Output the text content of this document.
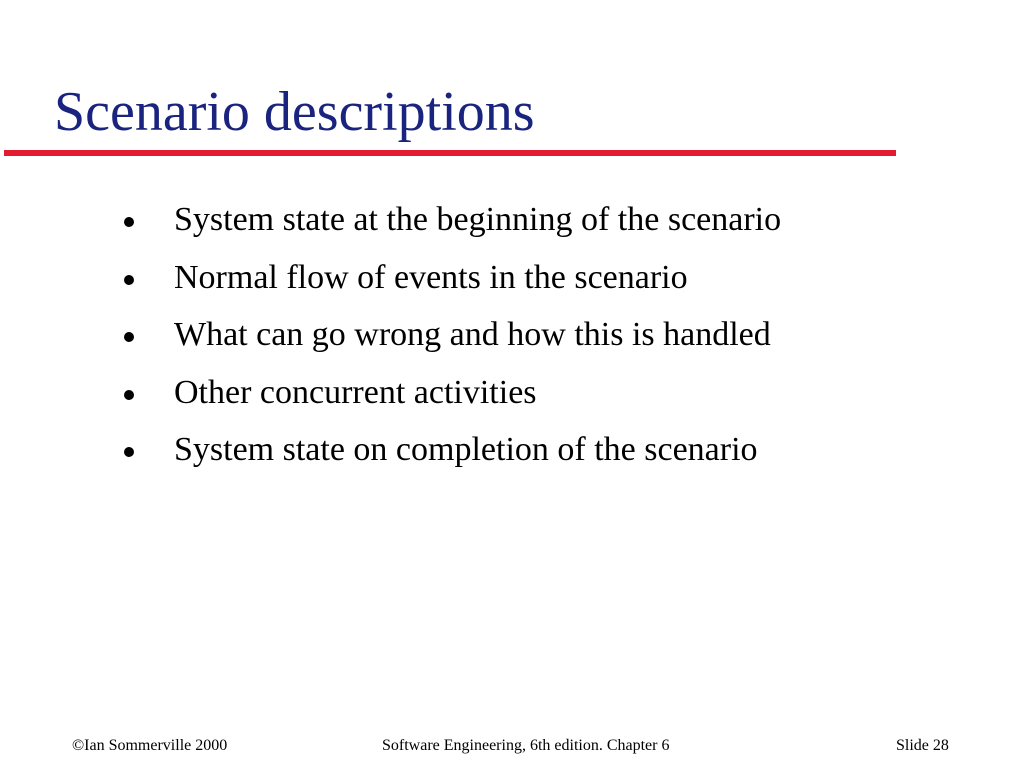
Scenario descriptions
System state at the beginning of the scenario
Normal flow of events in the scenario
What can go wrong and how this is handled
Other concurrent activities
System state on completion of the scenario
©Ian Sommerville 2000	Software Engineering, 6th edition. Chapter 6	Slide 28
